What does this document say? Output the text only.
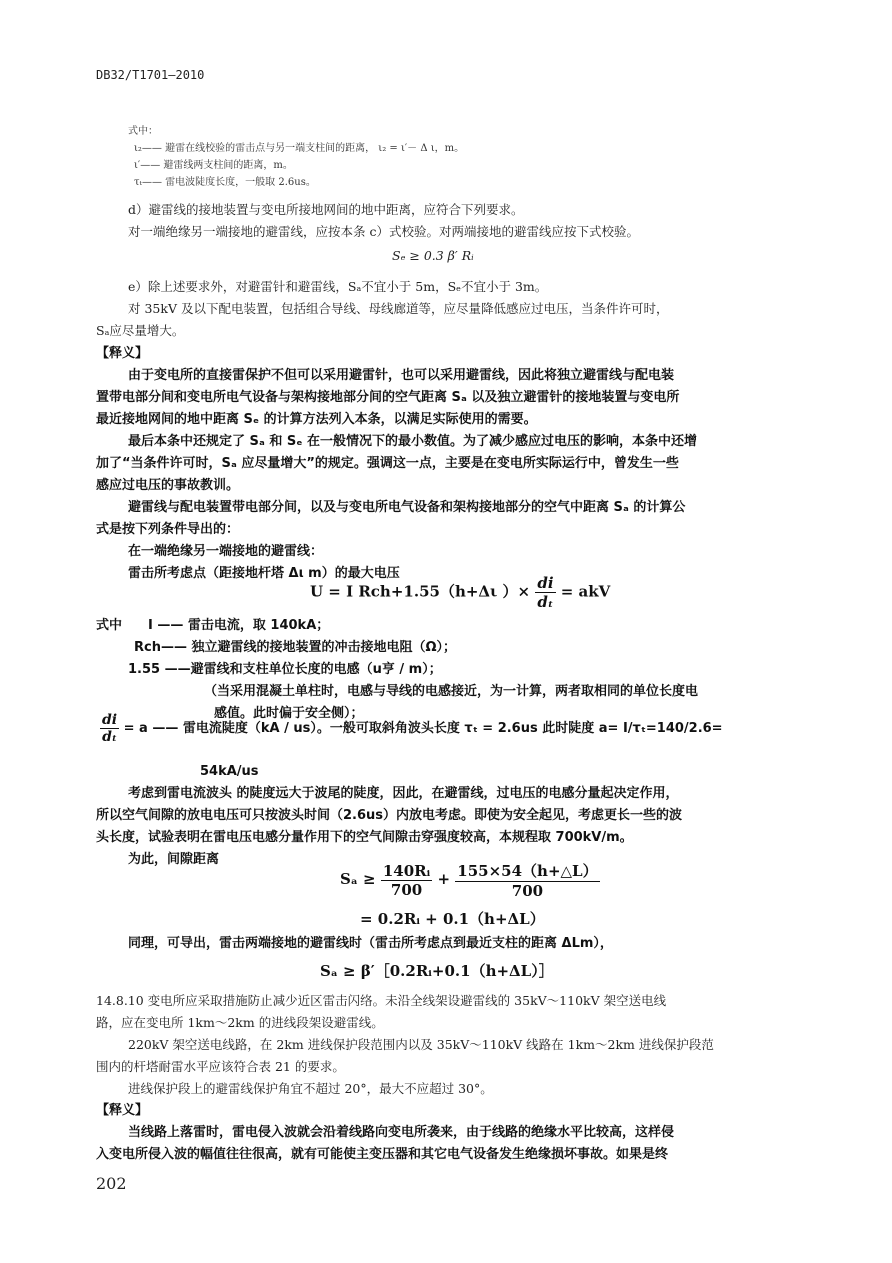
DB32/T1701—2010
式中：
ι₂—— 避雷在线校验的雷击点与另一端支柱间的距离， ι₂ = ι′－ Δ ι，m。
ι′—— 避雷线两支柱间的距离，m。
τₜ—— 雷电波陡度长度，一般取 2.6us。
d）避雷线的接地装置与变电所接地网间的地中距离，应符合下列要求。
对一端绝缘另一端接地的避雷线，应按本条 c）式校验。对两端接地的避雷线应按下式校验。
Sₑ ≥ 0.3 β′ Rᵢ
e）除上述要求外，对避雷针和避雷线，Sₐ不宜小于 5m，Sₑ不宜小于 3m。
对 35kV 及以下配电装置，包括组合导线、母线廊道等，应尽量降低感应过电压，当条件许可时，
Sₐ应尽量增大。
【释义】
由于变电所的直接雷保护不但可以采用避雷针，也可以采用避雷线，因此将独立避雷线与配电装
置带电部分间和变电所电气设备与架构接地部分间的空气距离 Sₐ 以及独立避雷针的接地装置与变电所
最近接地网间的地中距离 Sₑ 的计算方法列入本条，以满足实际使用的需要。
最后本条中还规定了 Sₐ 和 Sₑ 在一般情况下的最小数值。为了减少感应过电压的影响，本条中还增
加了“当条件许可时，Sₐ 应尽量增大”的规定。强调这一点，主要是在变电所实际运行中，曾发生一些
感应过电压的事故教训。
避雷线与配电装置带电部分间，以及与变电所电气设备和架构接地部分的空气中距离 Sₐ 的计算公
式是按下列条件导出的：
在一端绝缘另一端接地的避雷线：
雷击所考虑点（距接地杆塔 Δι m）的最大电压
U = I Rch+1.55（h+Δι ）× $\frac{di}{\text{dₜ}}$ = akV
式中 I —— 雷击电流，取 140kA；
Rch—— 独立避雷线的接地装置的冲击接地电阻（Ω）；
1.55 ——避雷线和支柱单位长度的电感（u亨 / m）；
（当采用混凝土单柱时，电感与导线的电感接近，为一计算，两者取相同的单位长度电
感值。此时偏于安全侧）；
$\frac{di}{\text{dₜ}} = a$ —— 雷电流陡度（kA / us）。一般可取斜角波头长度 τₜ = 2.6us 此时陡度 a= I/τₜ=140/2.6=
54kA/us
考虑到雷电流波头 的陡度远大于波尾的陡度，因此，在避雷线，过电压的电感分量起决定作用，
所以空气间隙的放电电压可只按波头时间（2.6us）内放电考虑。即使为安全起见，考虑更长一些的波
头长度，试验表明在雷电压电感分量作用下的空气间隙击穿强度较高，本规程取 700kV/m。
为此，间隙距离
$S_a \ge \frac{\text{140Rᵢ}}{700} + \frac{155\times 54(h+\triangle L)}{700}$
= 0.2Rᵢ + 0.1（h+ΔL）
同理，可导出，雷击两端接地的避雷线时（雷击所考虑点到最近支柱的距离 ΔLm），
Sₐ ≥ β′［0.2Rᵢ+0.1（h+ΔL）］
14.8.10 变电所应采取措施防止减少近区雷击闪络。未沿全线架设避雷线的 35kV～110kV 架空送电线
路，应在变电所 1km～2km 的进线段架设避雷线。
220kV 架空送电线路，在 2km 进线保护段范围内以及 35kV～110kV 线路在 1km～2km 进线保护段范
围内的杆塔耐雷水平应该符合表 21 的要求。
进线保护段上的避雷线保护角宜不超过 20°，最大不应超过 30°。
【释义】
当线路上落雷时，雷电侵入波就会沿着线路向变电所袭来，由于线路的绝缘水平比较高，这样侵
入变电所侵入波的幅值往往很高，就有可能使主变压器和其它电气设备发生绝缘损坏事故。如果是终
202
